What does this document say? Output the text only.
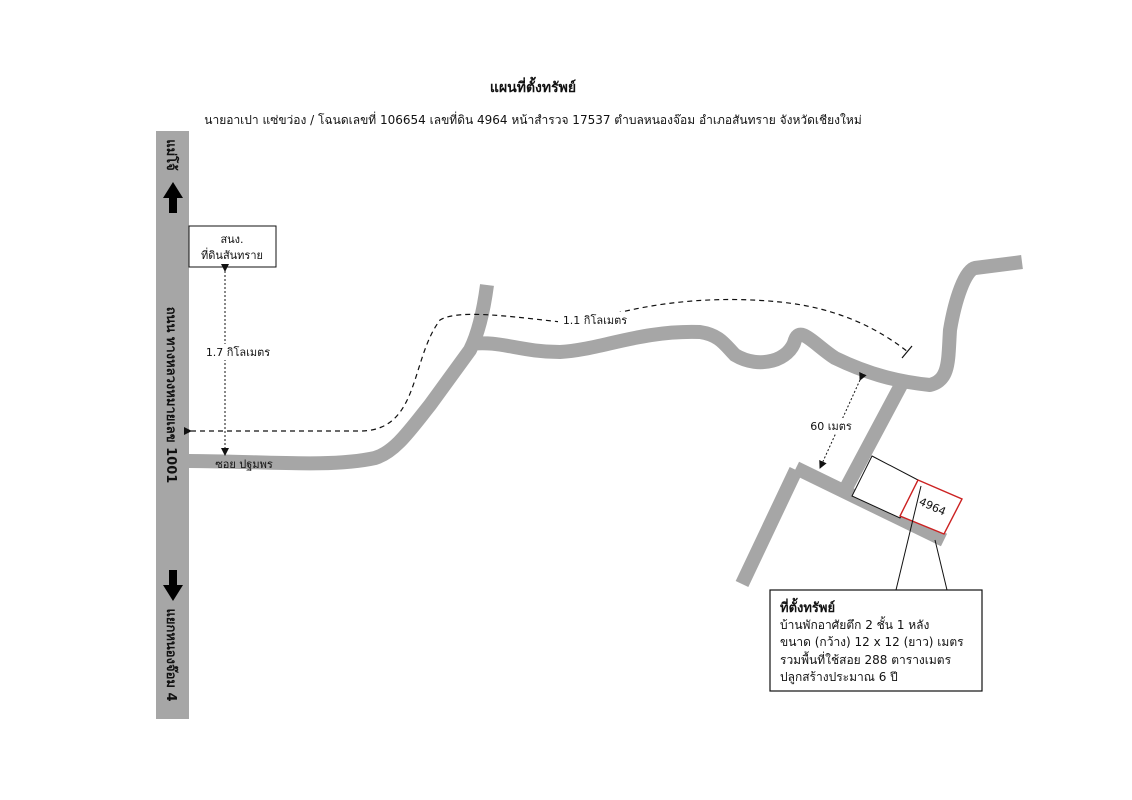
แผนที่ตั้งทรัพย์
นายอาเปา แซ่ขว่อง / โฉนดเลขที่ 106654 เลขที่ดิน 4964 หน้าสำรวจ 17537 ตำบลหนองจ๊อม อำเภอสันทราย จังหวัดเชียงใหม่
แม่โจ้
ถนน ทางหลวงหมายเลข 1001
แยกหนองจ๊อม 4
4964
สนง.
ที่ดินสันทราย
1.7 กิโลเมตร
1.1 กิโลเมตร
60 เมตร
ซอย ปฐมพร
ที่ตั้งทรัพย์
บ้านพักอาศัยตึก 2 ชั้น 1 หลัง
ขนาด (กว้าง) 12 x 12 (ยาว) เมตร
รวมพื้นที่ใช้สอย 288 ตารางเมตร
ปลูกสร้างประมาณ 6 ปี
